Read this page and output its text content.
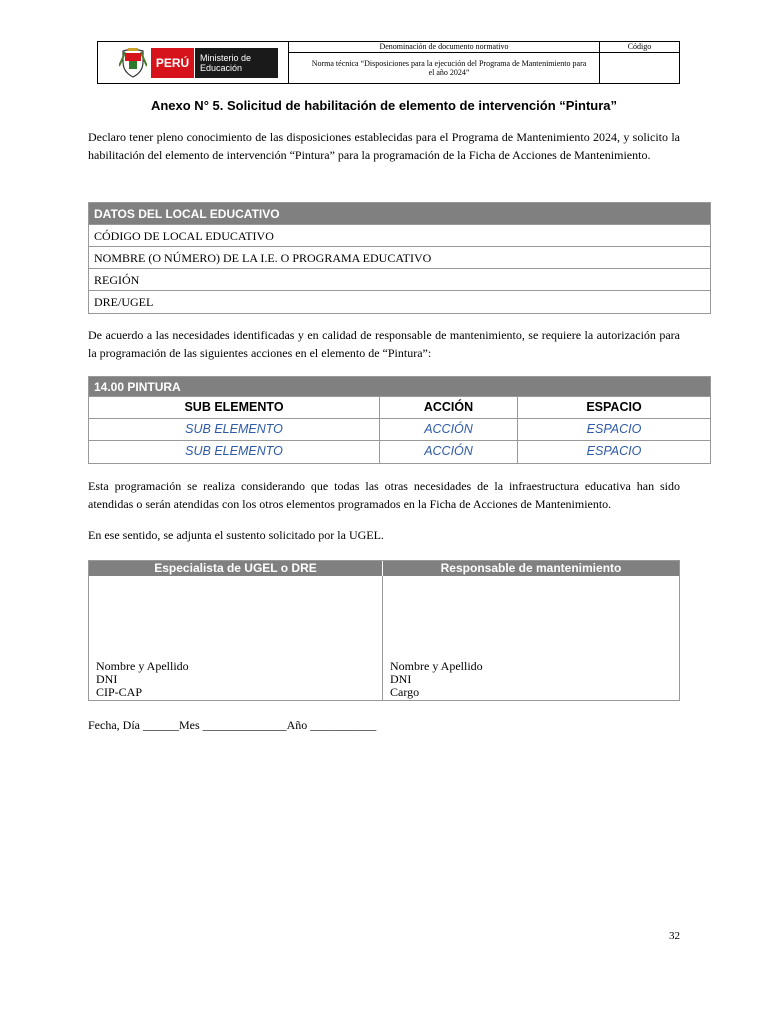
PERÚ	Ministerio de Educación
Denominación de documento normativo	Código
Norma técnica “Disposiciones para la ejecución del Programa de Mantenimiento para el año 2024”
Anexo N° 5. Solicitud de habilitación de elemento de intervención “Pintura”
Declaro tener pleno conocimiento de las disposiciones establecidas para el Programa de Mantenimiento 2024, y solicito la habilitación del elemento de intervención “Pintura” para la programación de la Ficha de Acciones de Mantenimiento.
DATOS DEL LOCAL EDUCATIVO
CÓDIGO DE LOCAL EDUCATIVO
NOMBRE (O NÚMERO) DE LA I.E. O PROGRAMA EDUCATIVO
REGIÓN
DRE/UGEL
De acuerdo a las necesidades identificadas y en calidad de responsable de mantenimiento, se requiere la autorización para la programación de las siguientes acciones en el elemento de “Pintura”:
14.00 PINTURA
SUB ELEMENTO	ACCIÓN	ESPACIO
SUB ELEMENTO	ACCIÓN	ESPACIO
SUB ELEMENTO	ACCIÓN	ESPACIO
Esta programación se realiza considerando que todas las otras necesidades de la infraestructura educativa han sido atendidas o serán atendidas con los otros elementos programados en la Ficha de Acciones de Mantenimiento.
En ese sentido, se adjunta el sustento solicitado por la UGEL.
Especialista de UGEL o DRE	Responsable de mantenimiento
Nombre y Apellido
DNI
CIP-CAP
Nombre y Apellido
DNI
Cargo
Fecha, Día ______Mes ______________Año ___________
32
